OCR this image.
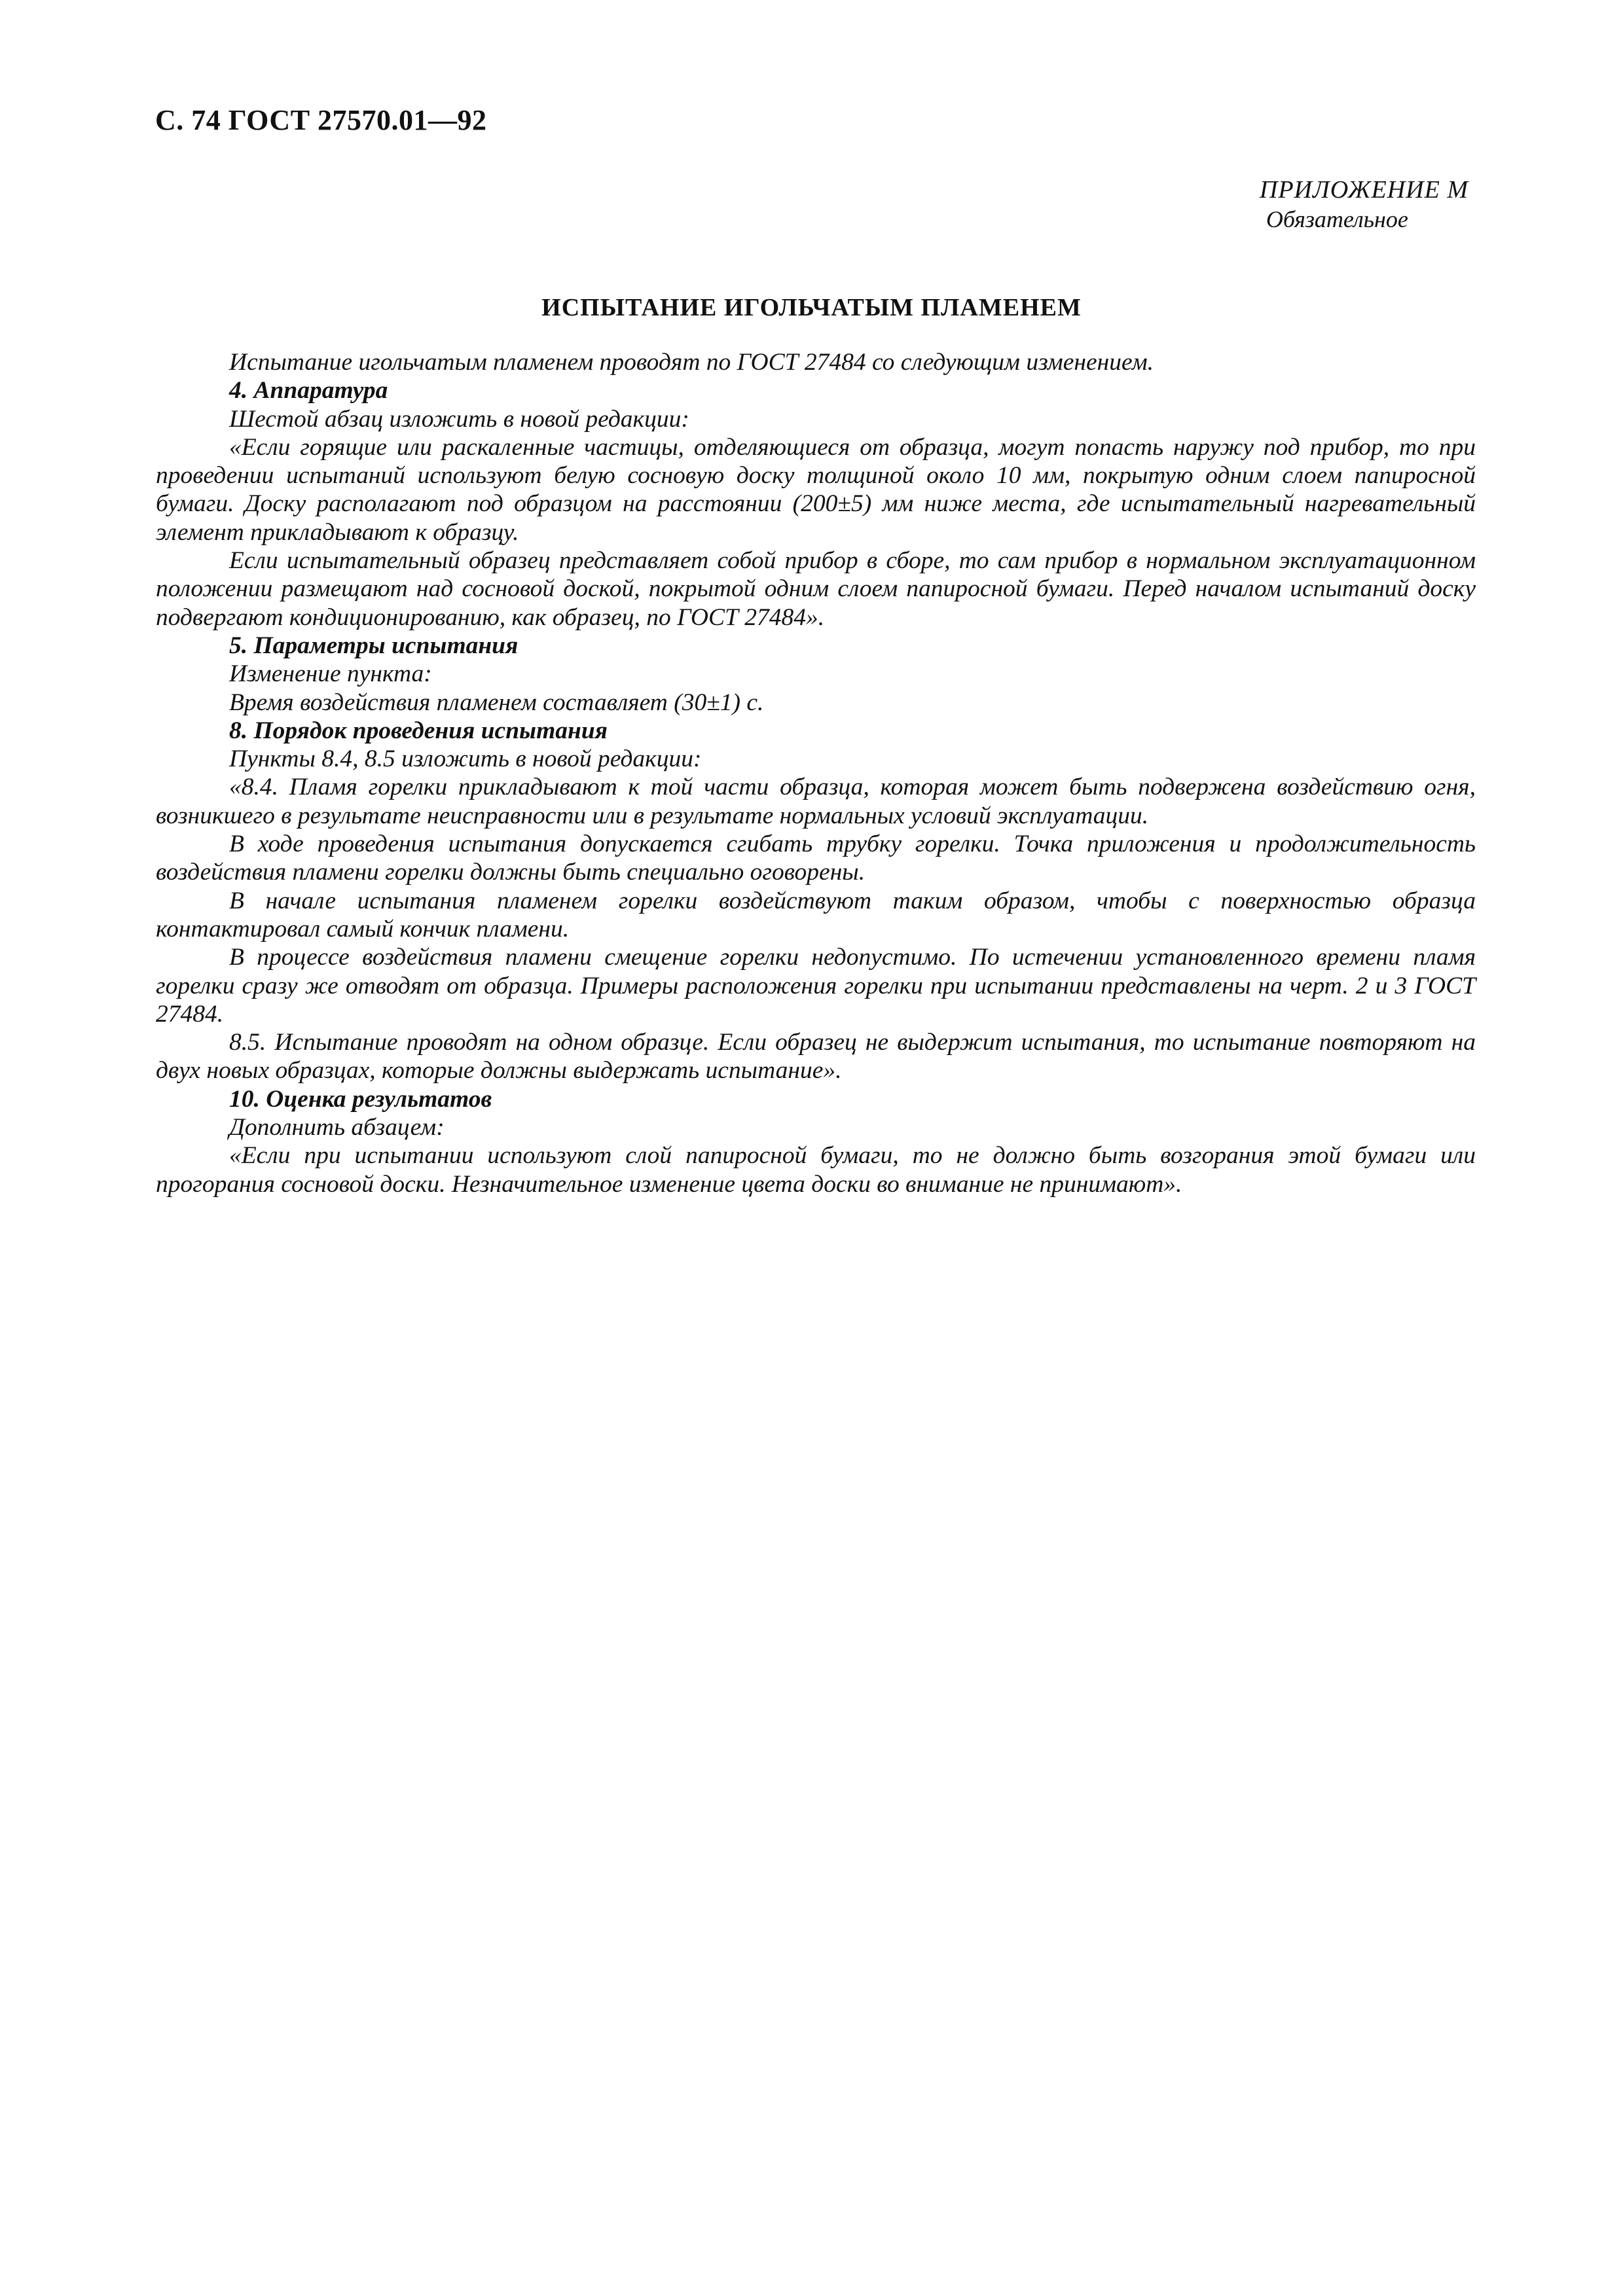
С. 74 ГОСТ 27570.01—92
ПРИЛОЖЕНИЕ М
Обязательное
ИСПЫТАНИЕ ИГОЛЬЧАТЫМ ПЛАМЕНЕМ

Испытание игольчатым пламенем проводят по ГОСТ 27484 со следующим изменением.

4. Аппаратура

Шестой абзац изложить в новой редакции:

«Если горящие или раскаленные частицы, отделяющиеся от образца, могут попасть наружу под прибор, то при проведении испытаний используют белую сосновую доску толщиной около 10 мм, покрытую одним слоем папиросной бумаги. Доску располагают под образцом на расстоянии (200±5) мм ниже места, где испытательный нагревательный элемент прикладывают к образцу.

Если испытательный образец представляет собой прибор в сборе, то сам прибор в нормальном эксплуатационном положении размещают над сосновой доской, покрытой одним слоем папиросной бумаги. Перед началом испытаний доску подвергают кондиционированию, как образец, по ГОСТ 27484».

5. Параметры испытания

Изменение пункта:

Время воздействия пламенем составляет (30±1) с.

8. Порядок проведения испытания

Пункты 8.4, 8.5 изложить в новой редакции:

«8.4. Пламя горелки прикладывают к той части образца, которая может быть подвержена воздействию огня, возникшего в результате неисправности или в результате нормальных условий эксплуатации.

В ходе проведения испытания допускается сгибать трубку горелки. Точка приложения и продолжительность воздействия пламени горелки должны быть специально оговорены.

В начале испытания пламенем горелки воздействуют таким образом, чтобы с поверхностью образца контактировал самый кончик пламени.

В процессе воздействия пламени смещение горелки недопустимо. По истечении установленного времени пламя горелки сразу же отводят от образца. Примеры расположения горелки при испытании представлены на черт. 2 и 3 ГОСТ 27484.

8.5. Испытание проводят на одном образце. Если образец не выдержит испытания, то испытание повторяют на двух новых образцах, которые должны выдержать испытание».

10. Оценка результатов

Дополнить абзацем:

«Если при испытании используют слой папиросной бумаги, то не должно быть возгорания этой бумаги или прогорания сосновой доски. Незначительное изменение цвета доски во внимание не принимают».
